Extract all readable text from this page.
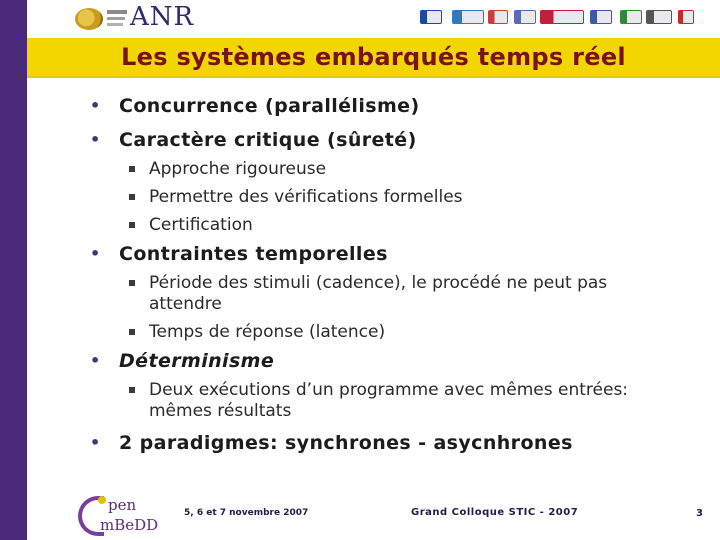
ANR
Les systèmes embarqués temps réel
• Concurrence (parallélisme)
• Caractère critique (sûreté)
Approche rigoureuse
Permettre des vérifications formelles
Certification
• Contraintes temporelles
Période des stimuli (cadence), le procédé ne peut pas attendre
Temps de réponse (latence)
• Déterminisme
Deux exécutions d’un programme avec mêmes entrées: mêmes résultats
• 2 paradigmes: synchrones - asycnhrones
pen
mBeDD
5, 6 et 7 novembre 2007	Grand Colloque STIC - 2007	3
